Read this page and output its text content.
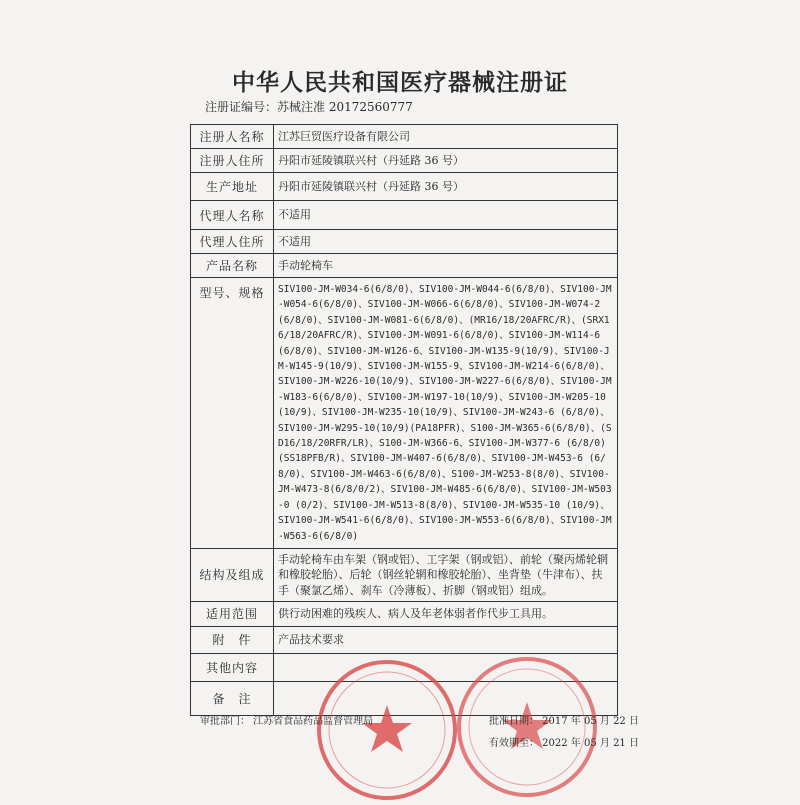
中华人民共和国医疗器械注册证
注册证编号：苏械注准 20172560777
注册人名称	江苏巨贸医疗设备有限公司
注册人住所	丹阳市延陵镇联兴村（丹延路 36 号）
生产地址	丹阳市延陵镇联兴村（丹延路 36 号）
代理人名称	不适用
代理人住所	不适用
产品名称	手动轮椅车
型号、规格	SIV100-JM-W034-6(6/8/0)、SIV100-JM-W044-6(6/8/0)、SIV100-JM-W054-6(6/8/0)、SIV100-JM-W066-6(6/8/0)、SIV100-JM-W074-2 (6/8/0)、SIV100-JM-W081-6(6/8/0)、(MR16/18/20AFRC/R)、(SRX16/18/20AFRC/R)、SIV100-JM-W091-6(6/8/0)、SIV100-JM-W114-6(6/8/0)、SIV100-JM-W126-6、SIV100-JM-W135-9(10/9)、SIV100-JM-W145-9(10/9)、SIV100-JM-W155-9、SIV100-JM-W214-6(6/8/0)、SIV100-JM-W226-10(10/9)、SIV100-JM-W227-6(6/8/0)、SIV100-JM-W183-6(6/8/0)、SIV100-JM-W197-10(10/9)、SIV100-JM-W205-10 (10/9)、SIV100-JM-W235-10(10/9)、SIV100-JM-W243-6 (6/8/0)、SIV100-JM-W295-10(10/9)(PA18PFR)、S100-JM-W365-6(6/8/0)、(SD16/18/20RFR/LR)、S100-JM-W366-6、SIV100-JM-W377-6 (6/8/0)(SS18PFB/R)、SIV100-JM-W407-6(6/8/0)、SIV100-JM-W453-6 (6/8/0)、SIV100-JM-W463-6(6/8/0)、S100-JM-W253-8(8/0)、SIV100-JM-W473-8(6/8/0/2)、SIV100-JM-W485-6(6/8/0)、SIV100-JM-W503-0 (0/2)、SIV100-JM-W513-8(8/0)、SIV100-JM-W535-10 (10/9)、SIV100-JM-W541-6(6/8/0)、SIV100-JM-W553-6(6/8/0)、SIV100-JM-W563-6(6/8/0)
结构及组成	手动轮椅车由车架（钢或铝）、工字架（钢或铝）、前轮（聚丙烯轮辋和橡胶轮胎）、后轮（钢丝轮辋和橡胶轮胎）、坐背垫（牛津布）、扶手（聚氯乙烯）、刹车（冷薄板）、折脚（钢或铝）组成。
适用范围	供行动困难的残疾人、病人及年老体弱者作代步工具用。
附　件	产品技术要求
其他内容	
备　注	
审批部门： 江苏省食品药品监督管理局	批准日期： 2017 年 05 月 22 日
有效期至： 2022 年 05 月 21 日
